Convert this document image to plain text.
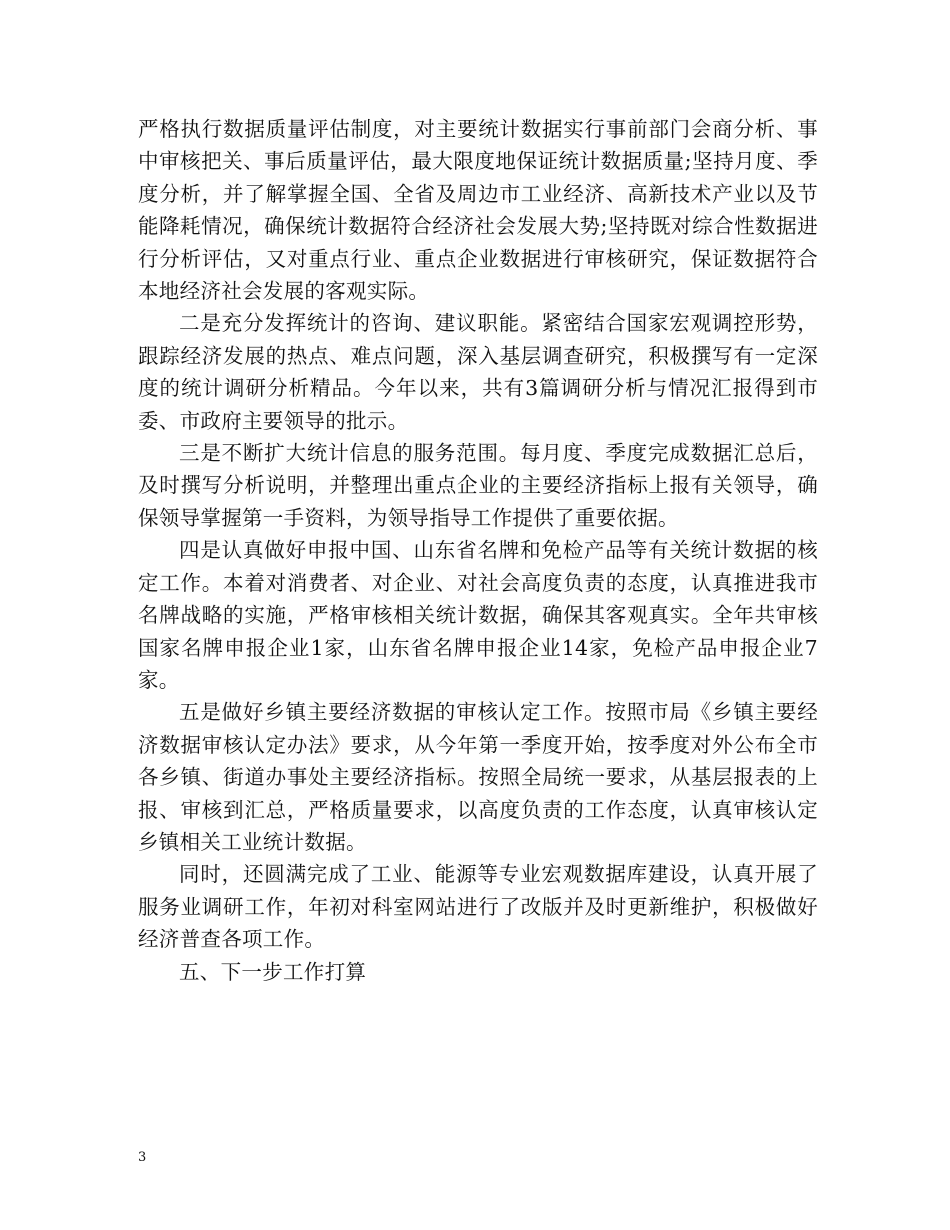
严格执行数据质量评估制度，对主要统计数据实行事前部门会商分析、事中审核把关、事后质量评估，最大限度地保证统计数据质量;坚持月度、季度分析，并了解掌握全国、全省及周边市工业经济、高新技术产业以及节能降耗情况，确保统计数据符合经济社会发展大势;坚持既对综合性数据进行分析评估，又对重点行业、重点企业数据进行审核研究，保证数据符合本地经济社会发展的客观实际。

二是充分发挥统计的咨询、建议职能。紧密结合国家宏观调控形势，跟踪经济发展的热点、难点问题，深入基层调查研究，积极撰写有一定深度的统计调研分析精品。今年以来，共有3篇调研分析与情况汇报得到市委、市政府主要领导的批示。

三是不断扩大统计信息的服务范围。每月度、季度完成数据汇总后，及时撰写分析说明，并整理出重点企业的主要经济指标上报有关领导，确保领导掌握第一手资料，为领导指导工作提供了重要依据。

四是认真做好申报中国、山东省名牌和免检产品等有关统计数据的核定工作。本着对消费者、对企业、对社会高度负责的态度，认真推进我市名牌战略的实施，严格审核相关统计数据，确保其客观真实。全年共审核国家名牌申报企业1家，山东省名牌申报企业14家，免检产品申报企业7家。

五是做好乡镇主要经济数据的审核认定工作。按照市局《乡镇主要经济数据审核认定办法》要求，从今年第一季度开始，按季度对外公布全市各乡镇、街道办事处主要经济指标。按照全局统一要求，从基层报表的上报、审核到汇总，严格质量要求，以高度负责的工作态度，认真审核认定乡镇相关工业统计数据。

同时，还圆满完成了工业、能源等专业宏观数据库建设，认真开展了服务业调研工作，年初对科室网站进行了改版并及时更新维护，积极做好经济普查各项工作。

五、下一步工作打算

3
